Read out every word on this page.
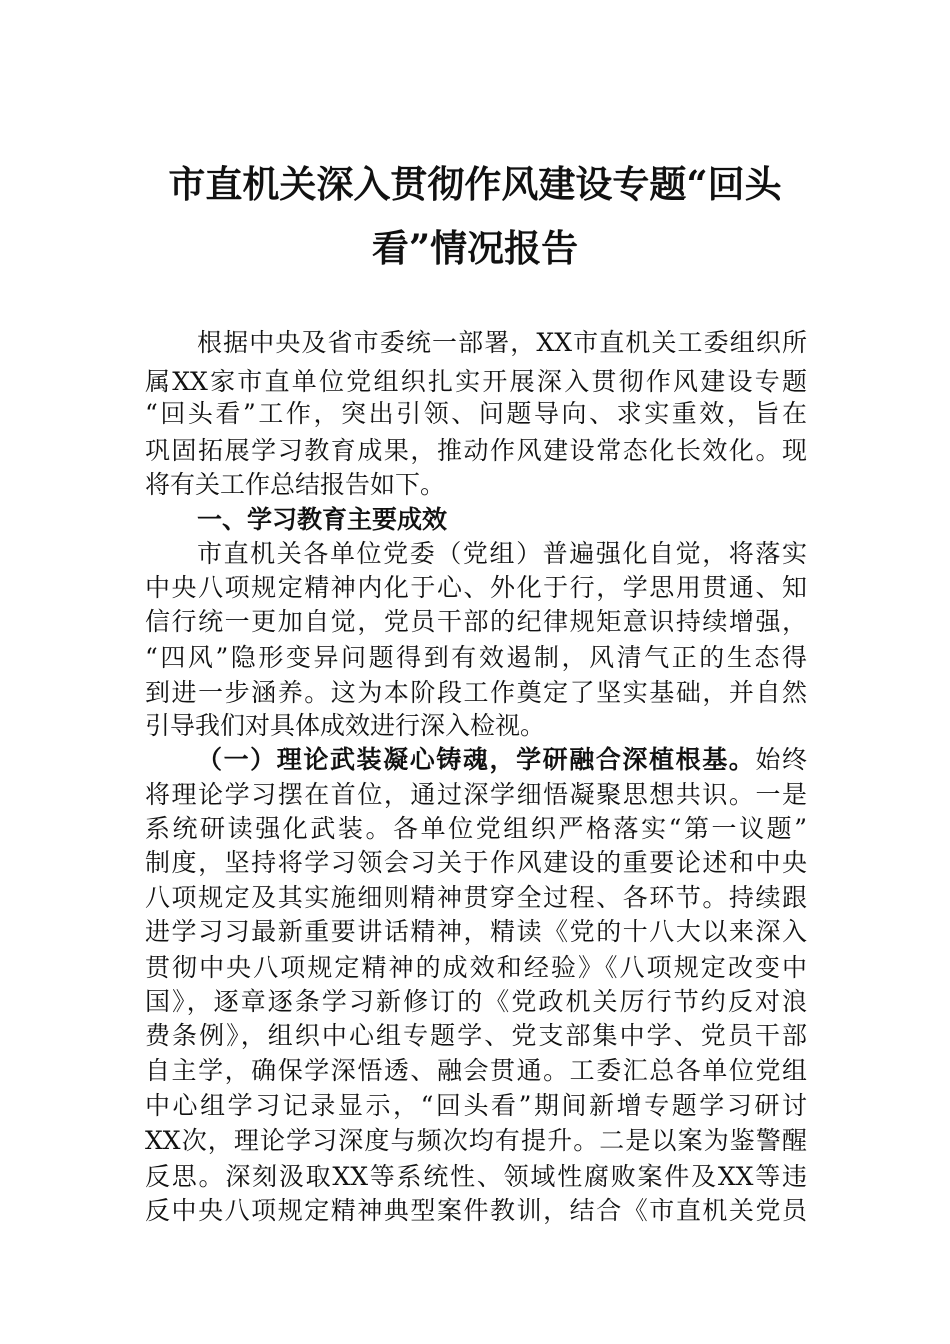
市直机关深入贯彻作风建设专题“回头
看”情况报告
根据中央及省市委统一部署，XX市直机关工委组织所
属XX家市直单位党组织扎实开展深入贯彻作风建设专题
“回头看”工作，突出引领、问题导向、求实重效，旨在
巩固拓展学习教育成果，推动作风建设常态化长效化。现
将有关工作总结报告如下。
一、学习教育主要成效
市直机关各单位党委（党组）普遍强化自觉，将落实
中央八项规定精神内化于心、外化于行，学思用贯通、知
信行统一更加自觉，党员干部的纪律规矩意识持续增强，
“四风”隐形变异问题得到有效遏制，风清气正的生态得
到进一步涵养。这为本阶段工作奠定了坚实基础，并自然
引导我们对具体成效进行深入检视。
（一）理论武装凝心铸魂，学研融合深植根基。始终
将理论学习摆在首位，通过深学细悟凝聚思想共识。一是
系统研读强化武装。各单位党组织严格落实“第一议题”
制度，坚持将学习领会习关于作风建设的重要论述和中央
八项规定及其实施细则精神贯穿全过程、各环节。持续跟
进学习习最新重要讲话精神，精读《党的十八大以来深入
贯彻中央八项规定精神的成效和经验》《八项规定改变中
国》，逐章逐条学习新修订的《党政机关厉行节约反对浪
费条例》，组织中心组专题学、党支部集中学、党员干部
自主学，确保学深悟透、融会贯通。工委汇总各单位党组
中心组学习记录显示，“回头看”期间新增专题学习研讨
XX次，理论学习深度与频次均有提升。二是以案为鉴警醒
反思。深刻汲取XX等系统性、领域性腐败案件及XX等违
反中央八项规定精神典型案件教训，结合《市直机关党员
